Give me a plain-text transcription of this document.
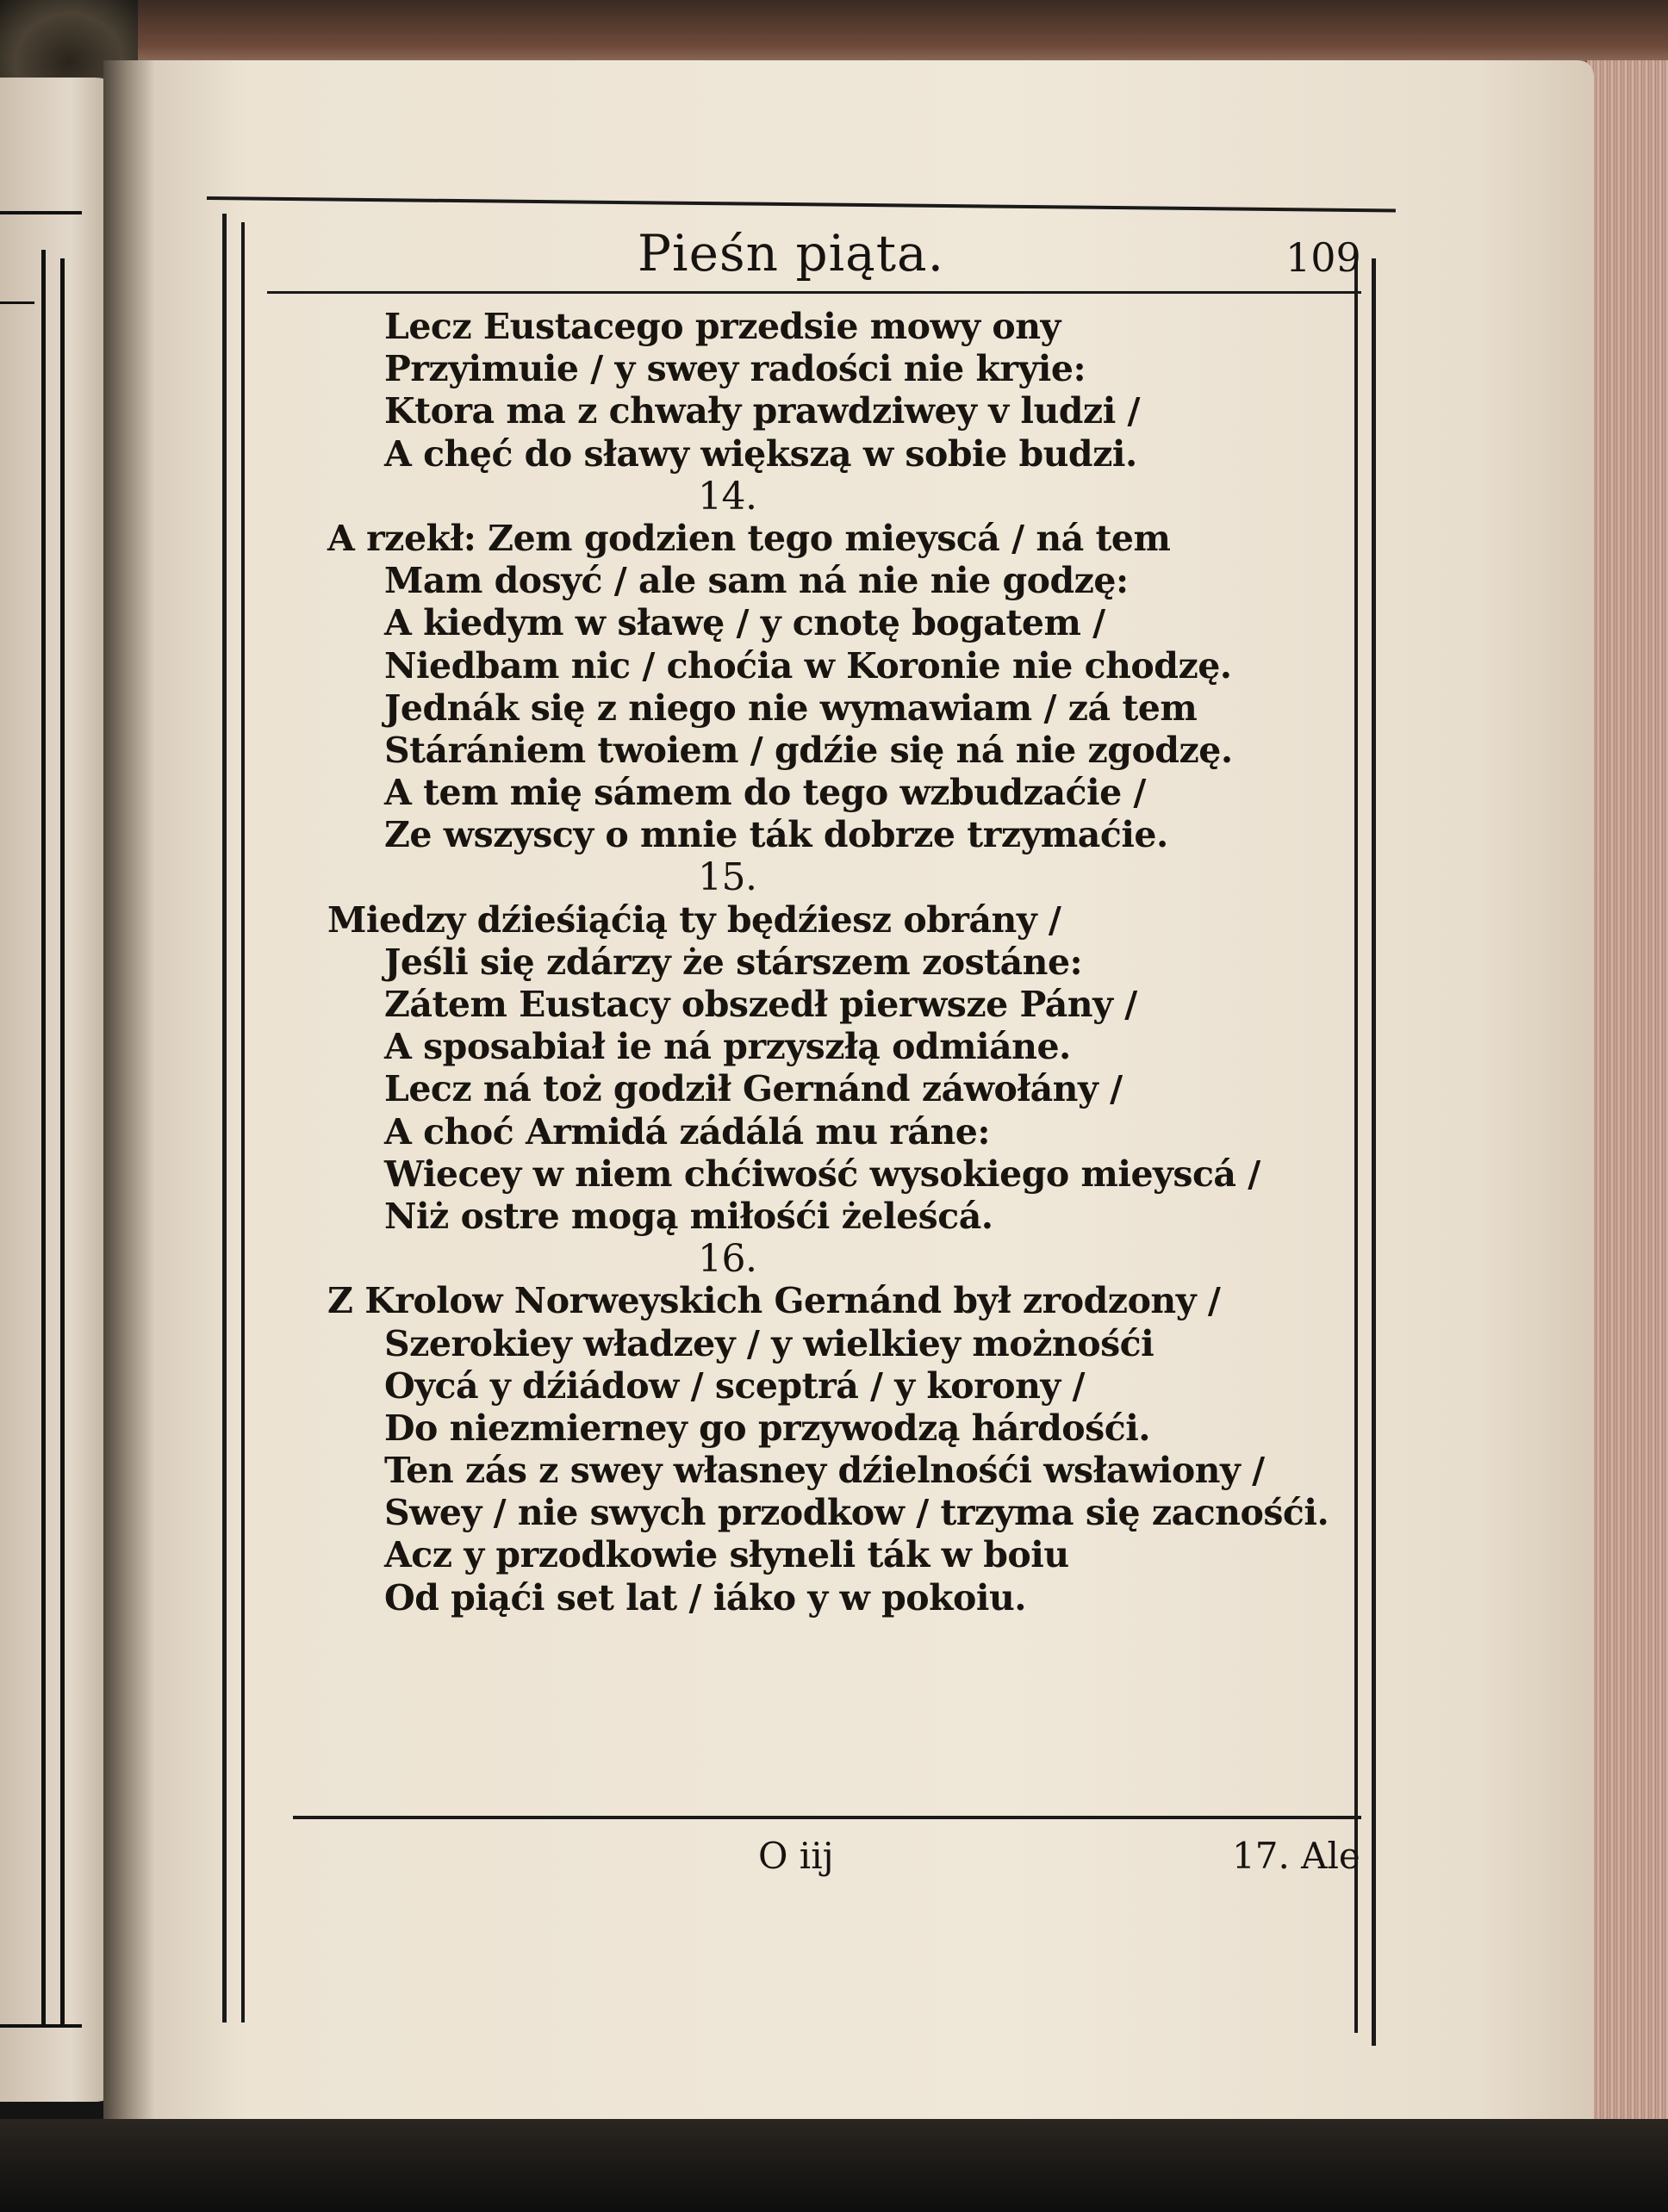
Pieśn piąta.	109
Lecz Eustacego przedsie mowy ony
Przyimuie / y swey radości nie kryie:
Ktora ma z chwały prawdziwey v ludzi /
A chęć do sławy większą w sobie budzi.
14.
A rzekł: Zem godzien tego mieyscá / ná tem
Mam dosyć / ale sam ná nie nie godzę:
A kiedym w sławę / y cnotę bogatem /
Niedbam nic / choćia w Koronie nie chodzę.
Jednák się z niego nie wymawiam / zá tem
Stárániem twoiem / gdźie się ná nie zgodzę.
A tem mię sámem do tego wzbudzaćie /
Ze wszyscy o mnie ták dobrze trzymaćie.
15.
Miedzy dźieśiąćią ty będźiesz obrány /
Jeśli się zdárzy że stárszem zostáne:
Zátem Eustacy obszedł pierwsze Pány /
A sposabiał ie ná przyszłą odmiáne.
Lecz ná toż godził Gernánd záwołány /
A choć Armidá zádálá mu ráne:
Wiecey w niem chćiwość wysokiego mieyscá /
Niż ostre mogą miłośći żeleścá.
16.
Z Krolow Norweyskich Gernánd był zrodzony /
Szerokiey władzey / y wielkiey możnośći
Oycá y dźiádow / sceptrá / y korony /
Do niezmierney go przywodzą hárdośći.
Ten zás z swey własney dźielnośći wsławiony /
Swey / nie swych przodkow / trzyma się zacnośći.
Acz y przodkowie słyneli ták w boiu
Od piąći set lat / iáko y w pokoiu.
O iij	17. Ale
